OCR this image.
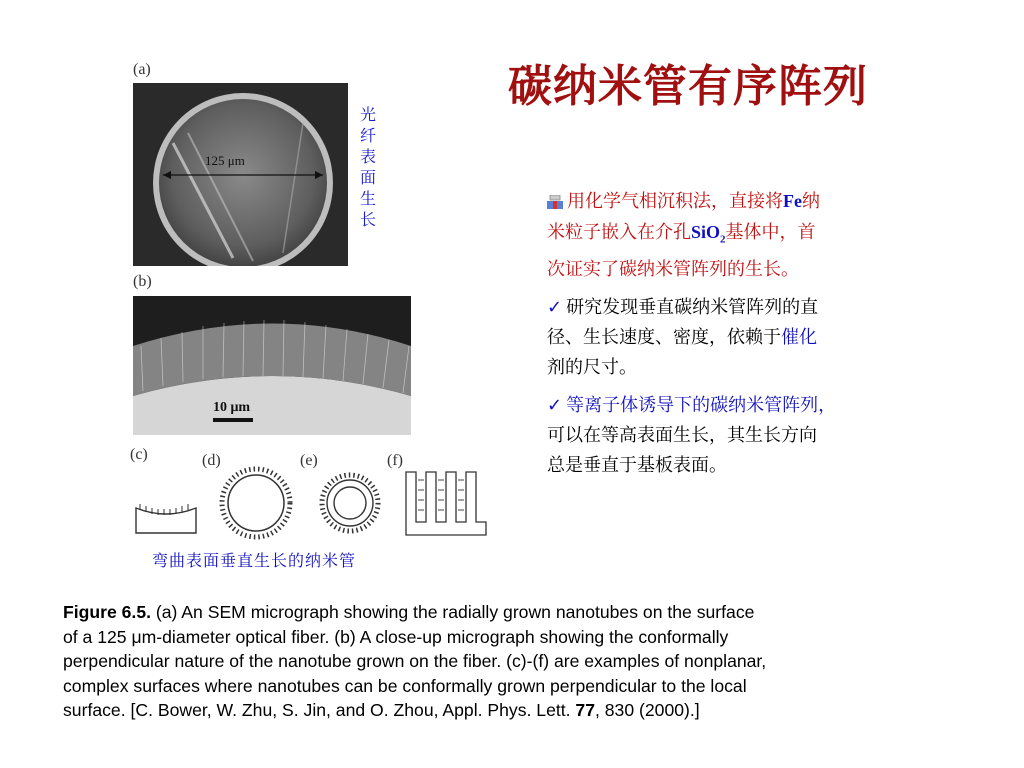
碳纳米管有序阵列
(a)
125 μm
光
纤
表
面
生
长
(b)
10 μm
(c)	(d)	(e)	(f)
弯曲表面垂直生长的纳米管

用化学气相沉积法，直接将Fe纳
米粒子嵌入在介孔SiO$_2$基体中，首
次证实了碳纳米管阵列的生长。

✓ 研究发现垂直碳纳米管阵列的直
径、生长速度、密度，依赖于催化
剂的尺寸。

✓ 等离子体诱导下的碳纳米管阵列，
可以在等高表面生长，其生长方向
总是垂直于基板表面。

Figure 6.5. (a) An SEM micrograph showing the radially grown nanotubes on the surface
of a 125 μm-diameter optical fiber. (b) A close-up micrograph showing the conformally
perpendicular nature of the nanotube grown on the fiber. (c)-(f) are examples of nonplanar,
complex surfaces where nanotubes can be conformally grown perpendicular to the local
surface. [C. Bower, W. Zhu, S. Jin, and O. Zhou, Appl. Phys. Lett. 77, 830 (2000).]
